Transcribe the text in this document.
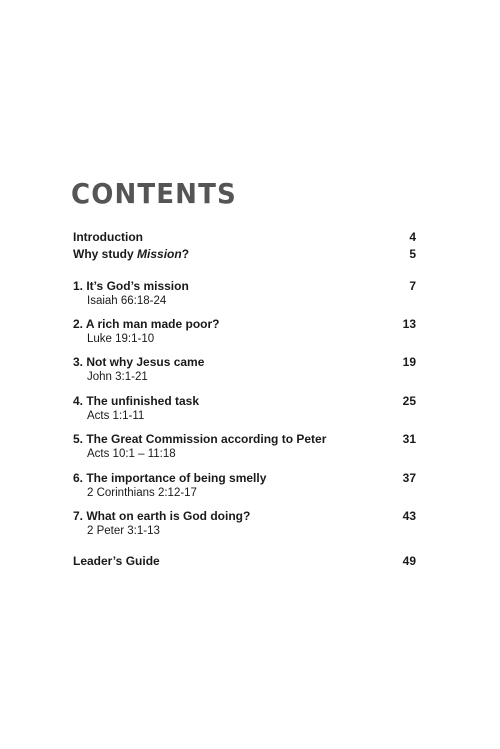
CONTENTS
Introduction	4
Why study Mission?	5
1. It’s God’s mission	7
Isaiah 66:18-24
2. A rich man made poor?	13
Luke 19:1-10
3. Not why Jesus came	19
John 3:1-21
4. The unfinished task	25
Acts 1:1-11
5. The Great Commission according to Peter	31
Acts 10:1 – 11:18
6. The importance of being smelly	37
2 Corinthians 2:12-17
7. What on earth is God doing?	43
2 Peter 3:1-13
Leader’s Guide	49
